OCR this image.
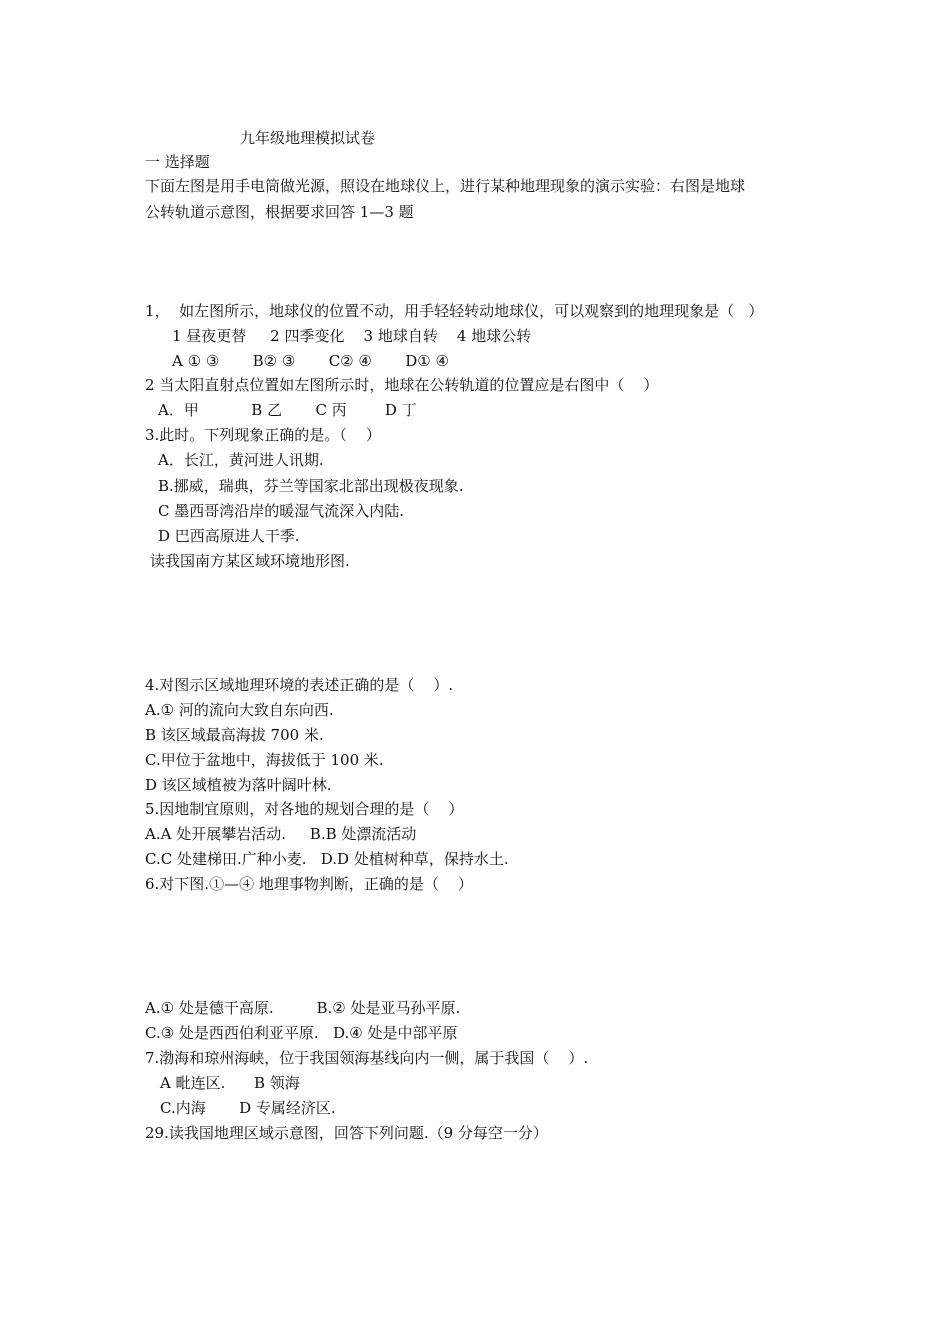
九年级地理模拟试卷
一 选择题
下面左图是用手电筒做光源，照设在地球仪上，进行某种地理现象的演示实验：右图是地球
公转轨道示意图，根据要求回答 1—3 题
1，  如左图所示，地球仪的位置不动，用手轻轻转动地球仪，可以观察到的地理现象是（   ）
1 昼夜更替     2 四季变化    3 地球自转    4 地球公转
A ① ③       B② ③       C② ④       D① ④
2 当太阳直射点位置如左图所示时，地球在公转轨道的位置应是右图中（    ）
A．甲           B 乙       C 丙        D 丁
3.此时。下列现象正确的是。（    ）
A．长江，黄河进人讯期.
B.挪威，瑞典，芬兰等国家北部出现极夜现象.
C 墨西哥湾沿岸的暖湿气流深入内陆.
D 巴西高原进人干季.
读我国南方某区域环境地形图.
4.对图示区域地理环境的表述正确的是（    ）.
A.① 河的流向大致自东向西.
B 该区域最高海拔 700 米.
C.甲位于盆地中，海拔低于 100 米.
D 该区域植被为落叶阔叶林.
5.因地制宜原则，对各地的规划合理的是（    ）
A.A 处开展攀岩活动.     B.B 处漂流活动
C.C 处建梯田.广种小麦.   D.D 处植树种草，保持水土.
6.对下图.①—④ 地理事物判断，正确的是（    ）
A.① 处是德干高原.         B.② 处是亚马孙平原.
C.③ 处是西西伯利亚平原.   D.④ 处是中部平原
7.渤海和琼州海峡，位于我国领海基线向内一侧，属于我国（    ）.
A 毗连区.      B 领海
C.内海       D 专属经济区.
29.读我国地理区域示意图，回答下列问题.（9 分每空一分）
